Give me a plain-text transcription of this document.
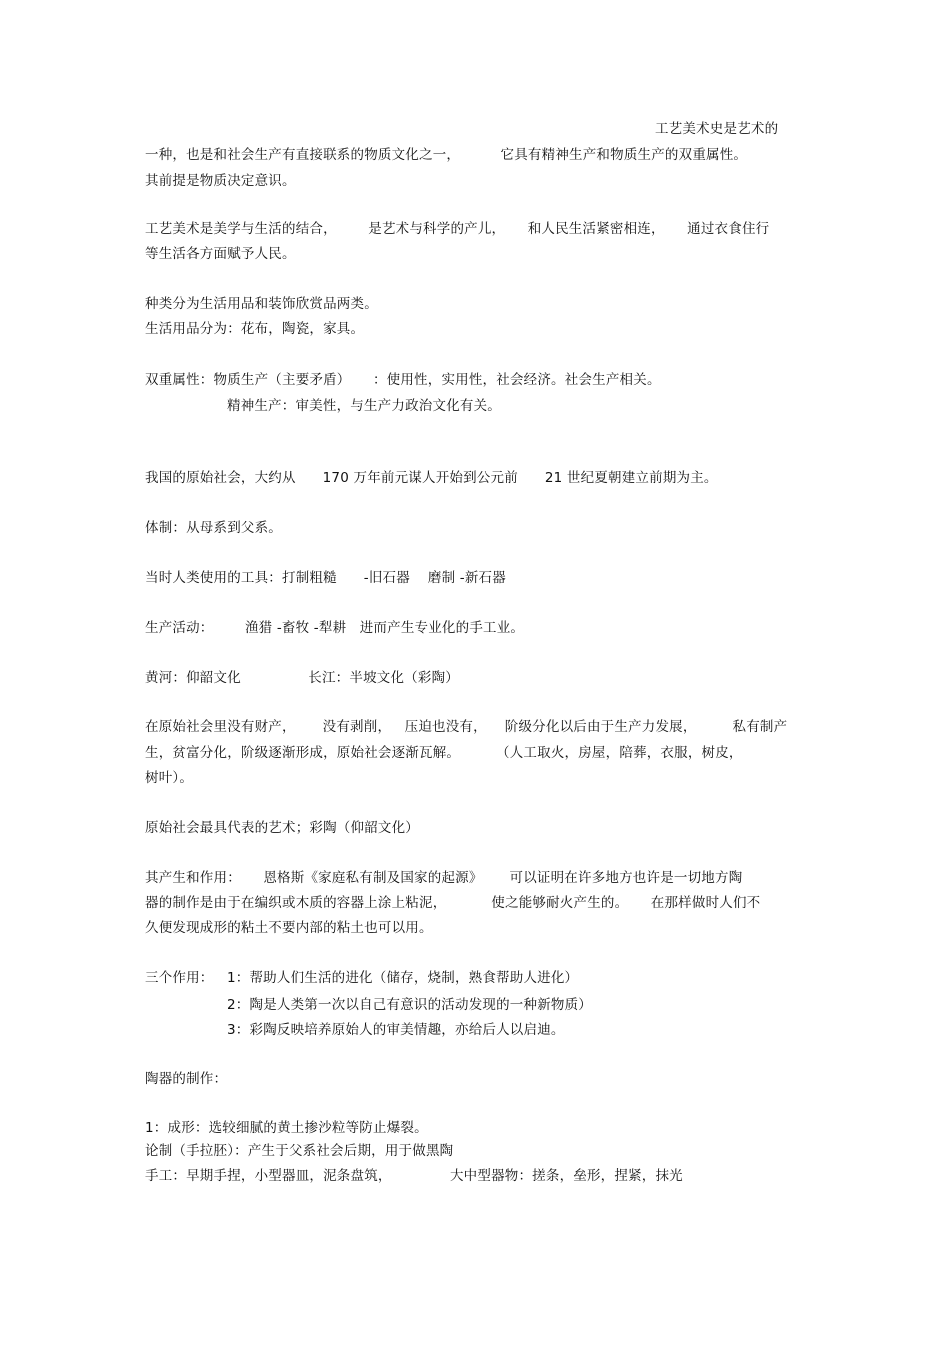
工艺美术史是艺术的
一种，也是和社会生产有直接联系的物质文化之一，         它具有精神生产和物质生产的双重属性。
其前提是物质决定意识。
工艺美术是美学与生活的结合，       是艺术与科学的产儿，     和人民生活紧密相连，     通过衣食住行
等生活各方面赋予人民。
种类分为生活用品和装饰欣赏品两类。
生活用品分为：花布，陶瓷，家具。
双重属性：物质生产（主要矛盾）     ：使用性，实用性，社会经济。社会生产相关。
精神生产：审美性，与生产力政治文化有关。
我国的原始社会，大约从      170 万年前元谋人开始到公元前      21 世纪夏朝建立前期为主。
体制：从母系到父系。
当时人类使用的工具：打制粗糙      -旧石器    磨制 -新石器
生产活动：       渔猎 -畜牧 -犁耕   进而产生专业化的手工业。
黄河：仰韶文化               长江：半坡文化（彩陶）
在原始社会里没有财产，      没有剥削，   压迫也没有，    阶级分化以后由于生产力发展，        私有制产
生，贫富分化，阶级逐渐形成，原始社会逐渐瓦解。        （人工取火，房屋，陪葬，衣服，树皮，
树叶）。
原始社会最具代表的艺术；彩陶（仰韶文化）
其产生和作用：     恩格斯《家庭私有制及国家的起源》      可以证明在许多地方也许是一切地方陶
器的制作是由于在编织或木质的容器上涂上粘泥，          使之能够耐火产生的。     在那样做时人们不
久便发现成形的粘土不要内部的粘土也可以用。
三个作用：   1：帮助人们生活的进化（储存，烧制，熟食帮助人进化）
2：陶是人类第一次以自己有意识的活动发现的一种新物质）
3：彩陶反映培养原始人的审美情趣，亦给后人以启迪。
陶器的制作：
1：成形：选较细腻的黄土掺沙粒等防止爆裂。
论制（手拉胚）：产生于父系社会后期，用于做黑陶
手工：早期手捏，小型器皿，泥条盘筑，             大中型器物：搓条，垒形，捏紧，抹光
